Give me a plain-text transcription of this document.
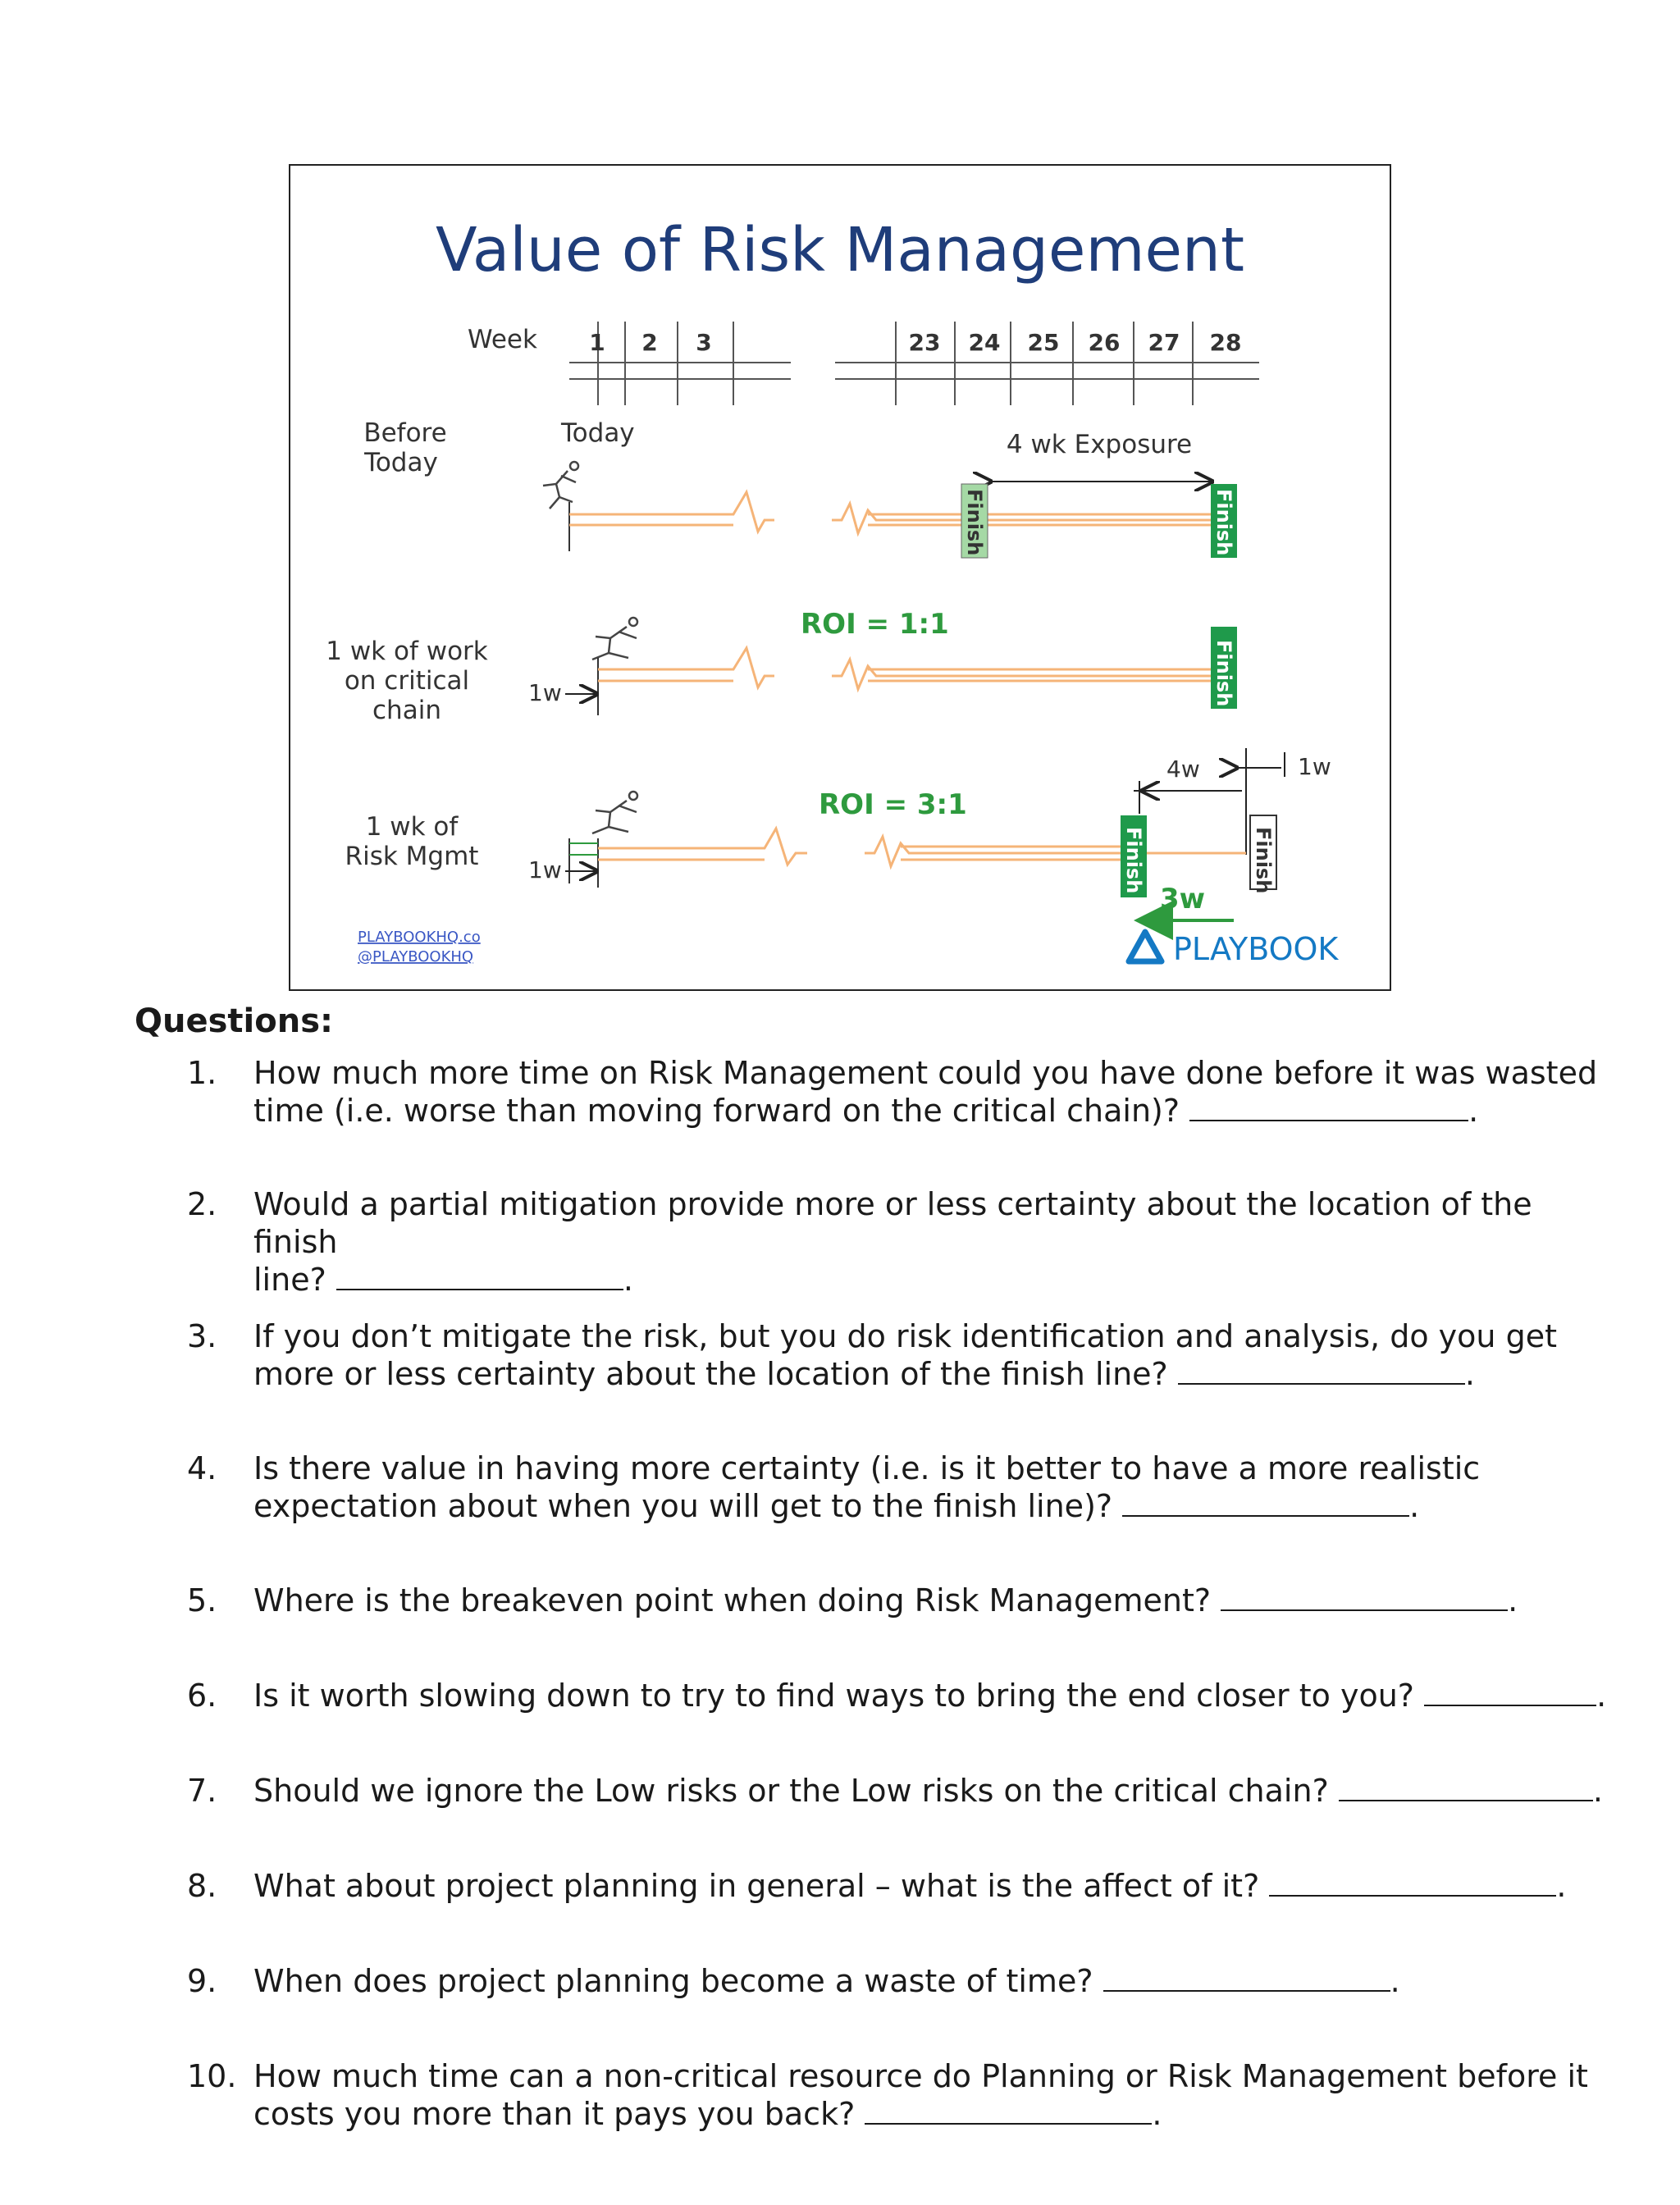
Value of Risk Management
Week 1 2 3	23 24 25 26 27 28
Before
Today
Today	4 wk Exposure
Finish	Finish
1 wk of work
on critical
chain
ROI = 1:1
1w	Finish
4w	1w
1 wk of
Risk Mgmt
ROI = 3:1
1w	Finish	Finish
3w
PLAYBOOKHQ.co
@PLAYBOOKHQ	PLAYBOOK
Questions:
1. How much more time on Risk Management could you have done before it was wasted
time (i.e. worse than moving forward on the critical chain)?	.
2. Would a partial mitigation provide more or less certainty about the location of the finish
line?	.
3. If you don’t mitigate the risk, but you do risk identification and analysis, do you get
more or less certainty about the location of the finish line?	.
4. Is there value in having more certainty (i.e. is it better to have a more realistic
expectation about when you will get to the finish line)?	.
5. Where is the breakeven point when doing Risk Management?	.
6. Is it worth slowing down to try to find ways to bring the end closer to you?	.
7. Should we ignore the Low risks or the Low risks on the critical chain?	.
8. What about project planning in general – what is the affect of it?	.
9. When does project planning become a waste of time?	.
10. How much time can a non-critical resource do Planning or Risk Management before it
costs you more than it pays you back?	.
